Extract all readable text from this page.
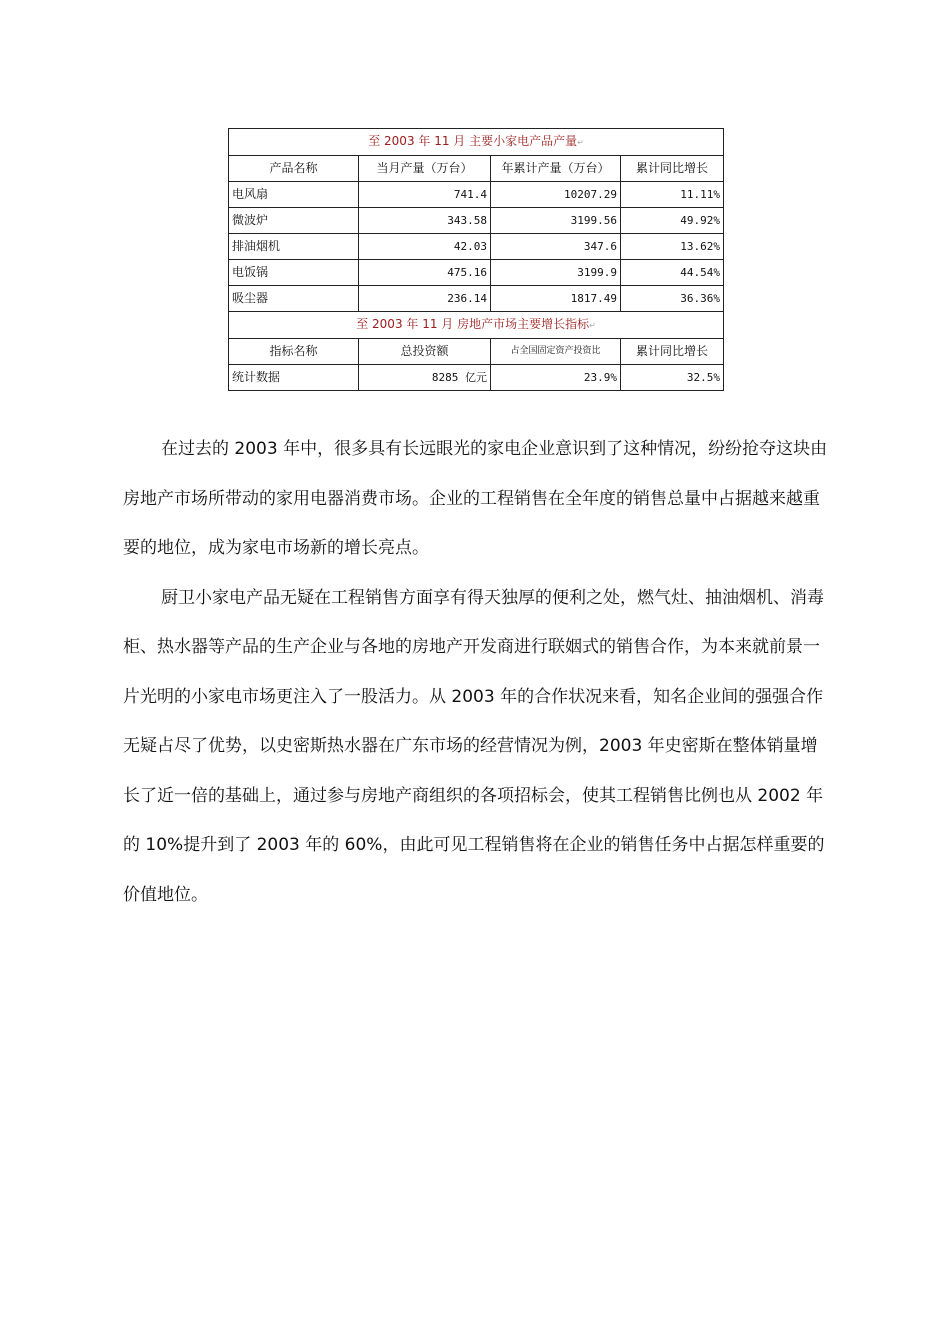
至 2003 年 11 月 主要小家电产品产量↵			
产品名称	当月产量（万台）	年累计产量（万台）	累计同比增长
电风扇	741.4	10207.29	11.11%
微波炉	343.58	3199.56	49.92%
排油烟机	42.03	347.6	13.62%
电饭锅	475.16	3199.9	44.54%
吸尘器	236.14	1817.49	36.36%
至 2003 年 11 月 房地产市场主要增长指标↵			
指标名称	总投资额	占全国固定资产投资比	累计同比增长
统计数据	8285 亿元	23.9%	32.5%

在过去的 2003 年中，很多具有长远眼光的家电企业意识到了这种情况，纷纷抢夺这块由房地产市场所带动的家用电器消费市场。企业的工程销售在全年度的销售总量中占据越来越重要的地位，成为家电市场新的增长亮点。

厨卫小家电产品无疑在工程销售方面享有得天独厚的便利之处，燃气灶、抽油烟机、消毒柜、热水器等产品的生产企业与各地的房地产开发商进行联姻式的销售合作，为本来就前景一片光明的小家电市场更注入了一股活力。从 2003 年的合作状况来看，知名企业间的强强合作无疑占尽了优势，以史密斯热水器在广东市场的经营情况为例，2003 年史密斯在整体销量增长了近一倍的基础上，通过参与房地产商组织的各项招标会，使其工程销售比例也从 2002 年的 10%提升到了 2003 年的 60%，由此可见工程销售将在企业的销售任务中占据怎样重要的价值地位。
